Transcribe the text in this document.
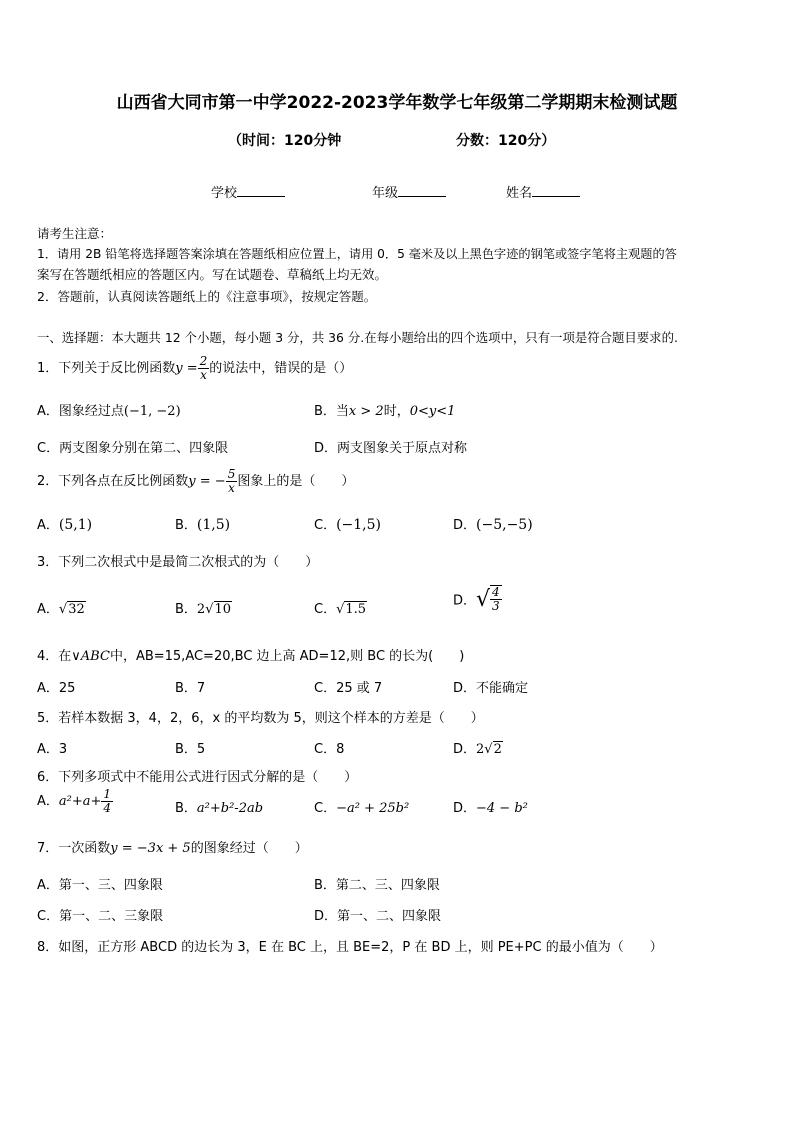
山西省大同市第一中学2022-2023学年数学七年级第二学期期末检测试题
（时间：120分钟	分数：120分）
学校	年级	姓名
请考生注意：
1．请用 2B 铅笔将选择题答案涂填在答题纸相应位置上，请用 0．5 毫米及以上黑色字迹的钢笔或签字笔将主观题的答
案写在答题纸相应的答题区内。写在试题卷、草稿纸上均无效。
2．答题前，认真阅读答题纸上的《注意事项》，按规定答题。
一、选择题：本大题共 12 个小题，每小题 3 分，共 36 分.在每小题给出的四个选项中，只有一项是符合题目要求的.
1．下列关于反比例函数$y = \frac{2}{x}$ 的说法中，错误的是（）
A．图象经过点(−1, −2)	B．当x > 2时，0<y<1
C．两支图象分别在第二、四象限	D．两支图象关于原点对称
2．下列各点在反比例函数y = − $\frac{5}{x}$ 图象上的是（　　）
A．(5,1)	B．(1,5)	C．(−1,5)	D．(−5,−5)
3．下列二次根式中是最简二次根式的为（　　）
A．√32	B．2√10	C．√1.5
D．√ $\frac{4}{3}$
4．在∨ABC中，AB=15,AC=20,BC 边上高 AD=12,则 BC 的长为(　　)
A．25	B．7	C．25 或 7	D．不能确定
5．若样本数据 3，4，2，6，x 的平均数为 5，则这个样本的方差是（　　）
A．3	B．5	C．8	D．2√2
6．下列多项式中不能用公式进行因式分解的是（　　）
A．$a^2+a+ \frac{1}{4}$	B．a²+b²-2ab	C．−a² + 25b²	D．−4 − b²
7．一次函数y = −3x + 5的图象经过（　　）
A．第一、三、四象限	B．第二、三、四象限
C．第一、二、三象限	D．第一、二、四象限
8．如图，正方形 ABCD 的边长为 3，E 在 BC 上，且 BE=2，P 在 BD 上，则 PE+PC 的最小值为（　　）
